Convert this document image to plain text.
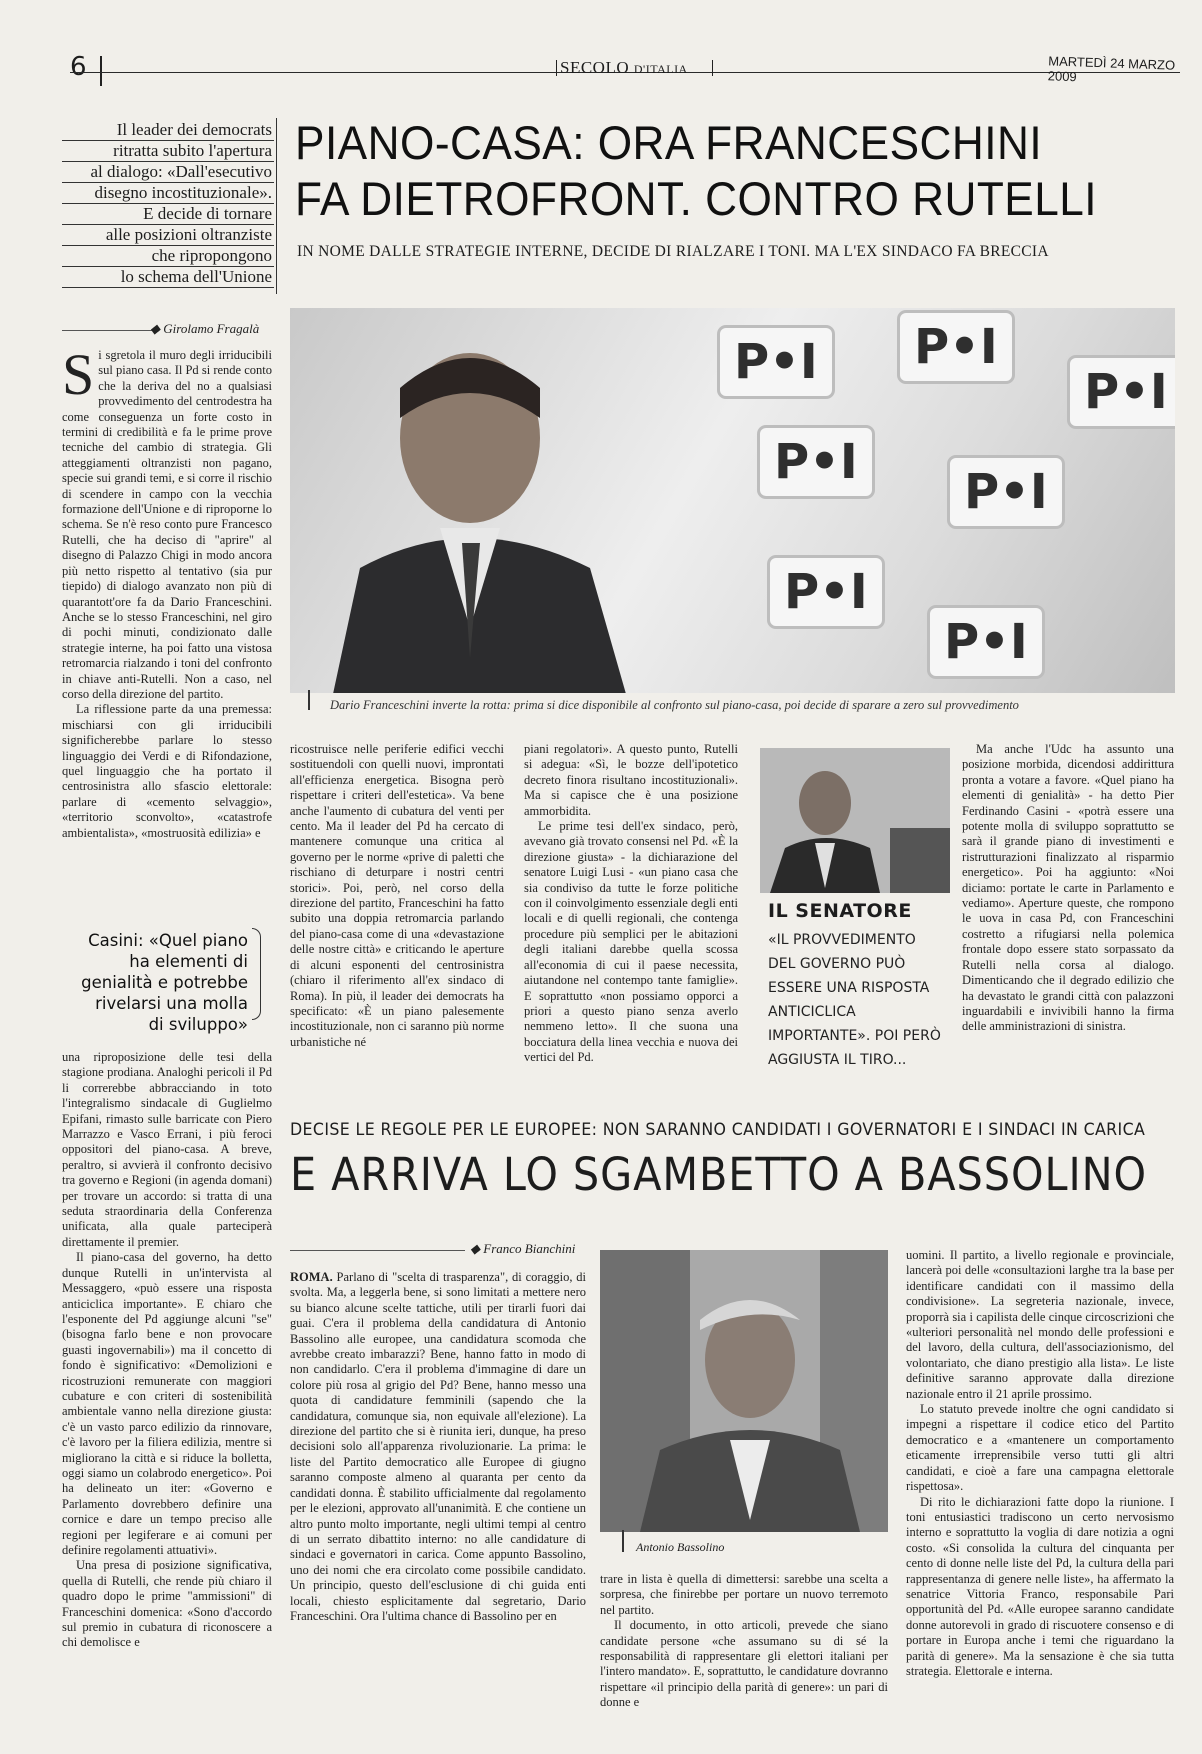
6	SECOLO D'ITALIA	MARTEDÌ 24 MARZO 2009
Il leader dei democrats
ritratta subito l'apertura
al dialogo: «Dall'esecutivo
disegno incostituzionale».
E decide di tornare
alle posizioni oltranziste
che ripropongono
lo schema dell'Unione
PIANO-CASA: ORA FRANCESCHINI
FA DIETROFRONT. CONTRO RUTELLI
IN NOME DALLE STRATEGIE INTERNE, DECIDE DI RIALZARE I TONI. MA L'EX SINDACO FA BRECCIA
P•I P•I
P•I
P•I
P•I
P•I
P•I
Dario Franceschini inverte la rotta: prima si dice disponibile al confronto sul piano-casa, poi decide di sparare a zero sul provvedimento
◆ Girolamo Fragalà

Si sgretola il muro degli irriducibili sul piano casa. Il Pd si rende conto che la deriva del no a qualsiasi provvedimento del centrodestra ha come conseguenza un forte costo in termini di credibilità e fa le prime prove tecniche del cambio di strategia. Gli atteggiamenti oltranzisti non pagano, specie sui grandi temi, e si corre il rischio di scendere in campo con la vecchia formazione dell'Unione e di riproporne lo schema. Se n'è reso conto pure Francesco Rutelli, che ha deciso di "aprire" al disegno di Palazzo Chigi in modo ancora più netto rispetto al tentativo (sia pur tiepido) di dialogo avanzato non più di quarantott'ore fa da Dario Franceschini. Anche se lo stesso Franceschini, nel giro di pochi minuti, condizionato dalle strategie interne, ha poi fatto una vistosa retromarcia rialzando i toni del confronto in chiave anti-Rutelli. Non a caso, nel corso della direzione del partito.

La riflessione parte da una premessa: mischiarsi con gli irriducibili significherebbe parlare lo stesso linguaggio dei Verdi e di Rifondazione, quel linguaggio che ha portato il centrosinistra allo sfascio elettorale: parlare di «cemento selvaggio», «territorio sconvolto», «catastrofe ambientalista», «mostruosità edilizia» e

Casini: «Quel piano ha elementi di genialità e potrebbe rivelarsi una molla di sviluppo»

una riproposizione delle tesi della stagione prodiana. Analoghi pericoli il Pd li correrebbe abbracciando in toto l'integralismo sindacale di Guglielmo Epifani, rimasto sulle barricate con Piero Marrazzo e Vasco Errani, i più feroci oppositori del piano-casa. A breve, peraltro, si avvierà il confronto decisivo tra governo e Regioni (in agenda domani) per trovare un accordo: si tratta di una seduta straordinaria della Conferenza unificata, alla quale parteciperà direttamente il premier.

Il piano-casa del governo, ha detto dunque Rutelli in un'intervista al Messaggero, «può essere una risposta anticiclica importante». E chiaro che l'esponente del Pd aggiunge alcuni "se" (bisogna farlo bene e non provocare guasti ingovernabili») ma il concetto di fondo è significativo: «Demolizioni e ricostruzioni remunerate con maggiori cubature e con criteri di sostenibilità ambientale vanno nella direzione giusta: c'è un vasto parco edilizio da rinnovare, c'è lavoro per la filiera edilizia, mentre si migliorano la città e si riduce la bolletta, oggi siamo un colabrodo energetico». Poi ha delineato un iter: «Governo e Parlamento dovrebbero definire una cornice e dare un tempo preciso alle regioni per legiferare e ai comuni per definire regolamenti attuativi».

Una presa di posizione significativa, quella di Rutelli, che rende più chiaro il quadro dopo le prime "ammissioni" di Franceschini domenica: «Sono d'accordo sul premio in cubatura di riconoscere a chi demolisce e

ricostruisce nelle periferie edifici vecchi sostituendoli con quelli nuovi, improntati all'efficienza energetica. Bisogna però rispettare i criteri dell'estetica». Va bene anche l'aumento di cubatura del venti per cento. Ma il leader del Pd ha cercato di mantenere comunque una critica al governo per le norme «prive di paletti che rischiano di deturpare i nostri centri storici». Poi, però, nel corso della direzione del partito, Franceschini ha fatto subito una doppia retromarcia parlando del piano-casa come di una «devastazione delle nostre città» e criticando le aperture di alcuni esponenti del centrosinistra (chiaro il riferimento all'ex sindaco di Roma). In più, il leader dei democrats ha specificato: «È un piano palesemente incostituzionale, non ci saranno più norme urbanistiche né

piani regolatori». A questo punto, Rutelli si adegua: «Sì, le bozze dell'ipotetico decreto finora risultano incostituzionali». Ma si capisce che è una posizione ammorbidita.

Le prime tesi dell'ex sindaco, però, avevano già trovato consensi nel Pd. «È la direzione giusta» - la dichiarazione del senatore Luigi Lusi - «un piano casa che sia condiviso da tutte le forze politiche con il coinvolgimento essenziale degli enti locali e di quelli regionali, che contenga procedure più semplici per le abitazioni degli italiani darebbe quella scossa all'economia di cui il paese necessita, aiutandone nel contempo tante famiglie». E soprattutto «non possiamo opporci a priori a questo piano senza averlo nemmeno letto». Il che suona una bocciatura della linea vecchia e nuova dei vertici del Pd.

IL SENATORE
«IL PROVVEDIMENTO DEL GOVERNO PUÒ ESSERE UNA RISPOSTA ANTICICLICA IMPORTANTE». POI PERÒ AGGIUSTA IL TIRO...

Ma anche l'Udc ha assunto una posizione morbida, dicendosi addirittura pronta a votare a favore. «Quel piano ha elementi di genialità» - ha detto Pier Ferdinando Casini - «potrà essere una potente molla di sviluppo soprattutto se sarà il grande piano di investimenti e ristrutturazioni finalizzato al risparmio energetico». Poi ha aggiunto: «Noi diciamo: portate le carte in Parlamento e vediamo». Aperture queste, che rompono le uova in casa Pd, con Franceschini costretto a rifugiarsi nella polemica frontale dopo essere stato sorpassato da Rutelli nella corsa al dialogo. Dimenticando che il degrado edilizio che ha devastato le grandi città con palazzoni inguardabili e invivibili hanno la firma delle amministrazioni di sinistra.

DECISE LE REGOLE PER LE EUROPEE: NON SARANNO CANDIDATI I GOVERNATORI E I SINDACI IN CARICA
E ARRIVA LO SGAMBETTO A BASSOLINO
◆ Franco Bianchini

ROMA. Parlano di "scelta di trasparenza", di coraggio, di svolta. Ma, a leggerla bene, si sono limitati a mettere nero su bianco alcune scelte tattiche, utili per tirarli fuori dai guai. C'era il problema della candidatura di Antonio Bassolino alle europee, una candidatura scomoda che avrebbe creato imbarazzi? Bene, hanno fatto in modo di non candidarlo. C'era il problema d'immagine di dare un colore più rosa al grigio del Pd? Bene, hanno messo una quota di candidature femminili (sapendo che la candidatura, comunque sia, non equivale all'elezione). La direzione del partito che si è riunita ieri, dunque, ha preso decisioni solo all'apparenza rivoluzionarie. La prima: le liste del Partito democratico alle Europee di giugno saranno composte almeno al quaranta per cento da candidati donna. È stabilito ufficialmente dal regolamento per le elezioni, approvato all'unanimità. E che contiene un altro punto molto importante, negli ultimi tempi al centro di un serrato dibattito interno: no alle candidature di sindaci e governatori in carica. Come appunto Bassolino, uno dei nomi che era circolato come possibile candidato. Un principio, questo dell'esclusione di chi guida enti locali, chiesto esplicitamente dal segretario, Dario Franceschini. Ora l'ultima chance di Bassolino per en

Antonio Bassolino

trare in lista è quella di dimettersi: sarebbe una scelta a sorpresa, che finirebbe per portare un nuovo terremoto nel partito.

Il documento, in otto articoli, prevede che siano candidate persone «che assumano su di sé la responsabilità di rappresentare gli elettori italiani per l'intero mandato». E, soprattutto, le candidature dovranno rispettare «il principio della parità di genere»: un pari di donne e

uomini. Il partito, a livello regionale e provinciale, lancerà poi delle «consultazioni larghe tra la base per identificare candidati con il massimo della condivisione». La segreteria nazionale, invece, proporrà sia i capilista delle cinque circoscrizioni che «ulteriori personalità nel mondo delle professioni e del lavoro, della cultura, dell'associazionismo, del volontariato, che diano prestigio alla lista». Le liste definitive saranno approvate dalla direzione nazionale entro il 21 aprile prossimo.

Lo statuto prevede inoltre che ogni candidato si impegni a rispettare il codice etico del Partito democratico e a «mantenere un comportamento eticamente irreprensibile verso tutti gli altri candidati, e cioè a fare una campagna elettorale rispettosa».

Di rito le dichiarazioni fatte dopo la riunione. I toni entusiastici tradiscono un certo nervosismo interno e soprattutto la voglia di dare notizia a ogni costo. «Si consolida la cultura del cinquanta per cento di donne nelle liste del Pd, la cultura della pari rappresentanza di genere nelle liste», ha affermato la senatrice Vittoria Franco, responsabile Pari opportunità del Pd. «Alle europee saranno candidate donne autorevoli in grado di riscuotere consenso e di portare in Europa anche i temi che riguardano la parità di genere». Ma la sensazione è che sia tutta strategia. Elettorale e interna.
